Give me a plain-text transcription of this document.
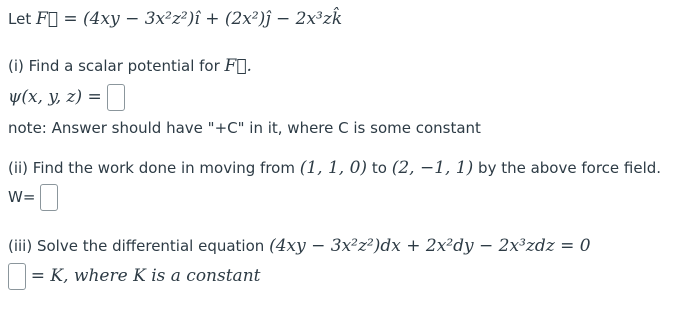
Let F⃗ = (4xy − 3x²z²)î + (2x²)ĵ − 2x³zk̂
(i) Find a scalar potential for F⃗.
ψ(x, y, z) =
note: Answer should have "+C" in it, where C is some constant
(ii) Find the work done in moving from (1, 1, 0) to (2, −1, 1) by the above force field.
W=
(iii) Solve the differential equation (4xy − 3x²z²)dx + 2x²dy − 2x³zdz = 0
= K, where K is a constant
